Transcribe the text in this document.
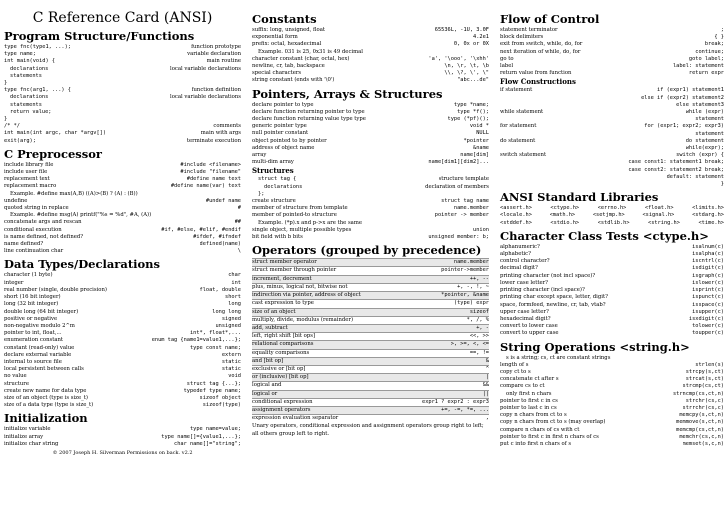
C Reference Card (ANSI)
Program Structure/Functions
type fnc(type1, ...);	function prototype
type name;	variable declaration
int main(void) {	main routine
declarations	local variable declarations
statements
}
type fnc(arg1, ...) {	function definition
declarations	local variable declarations
statements
return value;
}
/* */	comments
int main(int argc, char *argv[])	main with args
exit(arg);	terminate execution
C Preprocessor
include library file	#include <filename>
include user file	#include "filename"
replacement text	#define name text
replacement macro	#define name(var) text
Example. #define max(A,B) ((A)>(B) ? (A) : (B))
undefine	#undef name
quoted string in replace	#
Example. #define msg(A) printf("%s = %d", #A, (A))
concatenate args and rescan	##
conditional execution	#if, #else, #elif, #endif
is name defined, not defined?	#ifdef, #ifndef
name defined?	defined(name)
line continuation char	\
Data Types/Declarations
character (1 byte)	char
integer	int
real number (single, double precision)	float, double
short (16 bit integer)	short
long (32 bit integer)	long
double long (64 bit integer)	long long
positive or negative	signed
non-negative modulo 2^m	unsigned
pointer to int, float,...	int*, float*,...
enumeration constant	enum tag {name1=value1,...};
constant (read-only) value	type const name;
declare external variable	extern
internal to source file	static
local persistent between calls	static
no value	void
structure	struct tag {...};
create new name for data type	typedef type name;
size of an object (type is size_t)	sizeof object
size of a data type (type is size_t)	sizeof(type)
Initialization
initialize variable	type name=value;
initialize array	type name[]={value1,...};
initialize char string	char name[]="string";
© 2007 Joseph H. Silverman Permissions on back. v2.2
Constants
suffix: long, unsigned, float	65536L, -1U, 3.0F
exponential form	4.2e1
prefix: octal, hexadecimal	0, 0x or 0X
Example. 031 is 25, 0x31 is 49 decimal
character constant (char, octal, hex)	'a', '\ooo', '\xhh'
newline, cr, tab, backspace	\n, \r, \t, \b
special characters	\\, \?, \', \"
string constant (ends with '\0')	"abc...de"
Pointers, Arrays & Structures
declare pointer to type	type *name;
declare function returning pointer to type	type *f();
declare function returning value type type	type (*pf)();
generic pointer type	void *
null pointer constant	NULL
object pointed to by pointer	*pointer
address of object name	&name
array	name[dim]
multi-dim array	name[dim1][dim2]...
Structures
struct tag {	structure template
declarations	declaration of members
};
create structure	struct tag name
member of structure from template	name.member
member of pointed-to structure	pointer -> member
Example. (*p).x and p->x are the same
single object, multiple possible types	union
bit field with b bits	unsigned member: b;
Operators (grouped by precedence)
struct member operator	name.member
struct member through pointer	pointer->member
increment, decrement	++, --
plus, minus, logical not, bitwise not	+, -, !, ~
indirection via pointer, address of object	*pointer, &name
cast expression to type	(type) expr
size of an object	sizeof
multiply, divide, modulus (remainder)	*, /, %
add, subtract	+, -
left, right shift [bit ops]	<<, >>
relational comparisons	>, >=, <, <=
equality comparisons	==, !=
and [bit op]	&
exclusive or [bit op]	^
or (inclusive) [bit op]	|
logical and	&&
logical or	||
conditional expression	expr1 ? expr2 : expr3
assignment operators	+=, -=, *=, ...
expression evaluation separator	,
Unary operators, conditional expression and assignment operators group right to left; all others group left to right.
Flow of Control
statement terminator	;
block delimiters	{ }
exit from switch, while, do, for	break;
next iteration of while, do, for	continue;
go to	goto label;
label	label: statement
return value from function	return expr
Flow Constructions
if statement	if (expr1) statement1
else if (expr2) statement2
else statement3
while statement	while (expr)
statement
for statement	for (expr1; expr2; expr3)
statement
do statement	do statement
while(expr);
switch statement	switch (expr) {
case const1: statement1 break;
case const2: statement2 break;
default: statement
}
ANSI Standard Libraries
<assert.h>	<ctype.h>	<errno.h>	<float.h>	<limits.h>
<locale.h>	<math.h>	<setjmp.h>	<signal.h>	<stdarg.h>
<stddef.h>	<stdio.h>	<stdlib.h>	<string.h>	<time.h>
Character Class Tests <ctype.h>
alphanumeric?	isalnum(c)
alphabetic?	isalpha(c)
control character?	iscntrl(c)
decimal digit?	isdigit(c)
printing character (not incl space)?	isgraph(c)
lower case letter?	islower(c)
printing character (incl space)?	isprint(c)
printing char except space, letter, digit?	ispunct(c)
space, formfeed, newline, cr, tab, vtab?	isspace(c)
upper case letter?	isupper(c)
hexadecimal digit?	isxdigit(c)
convert to lower case	tolower(c)
convert to upper case	toupper(c)
String Operations <string.h>
s is a string; cs, ct are constant strings
length of s	strlen(s)
copy ct to s	strcpy(s,ct)
concatenate ct after s	strcat(s,ct)
compare cs to ct	strcmp(cs,ct)
only first n chars	strncmp(cs,ct,n)
pointer to first c in cs	strchr(cs,c)
pointer to last c in cs	strrchr(cs,c)
copy n chars from ct to s	memcpy(s,ct,n)
copy n chars from ct to s (may overlap)	memmove(s,ct,n)
compare n chars of cs with ct	memcmp(cs,ct,n)
pointer to first c in first n chars of cs	memchr(cs,c,n)
put c into first n chars of s	memset(s,c,n)
